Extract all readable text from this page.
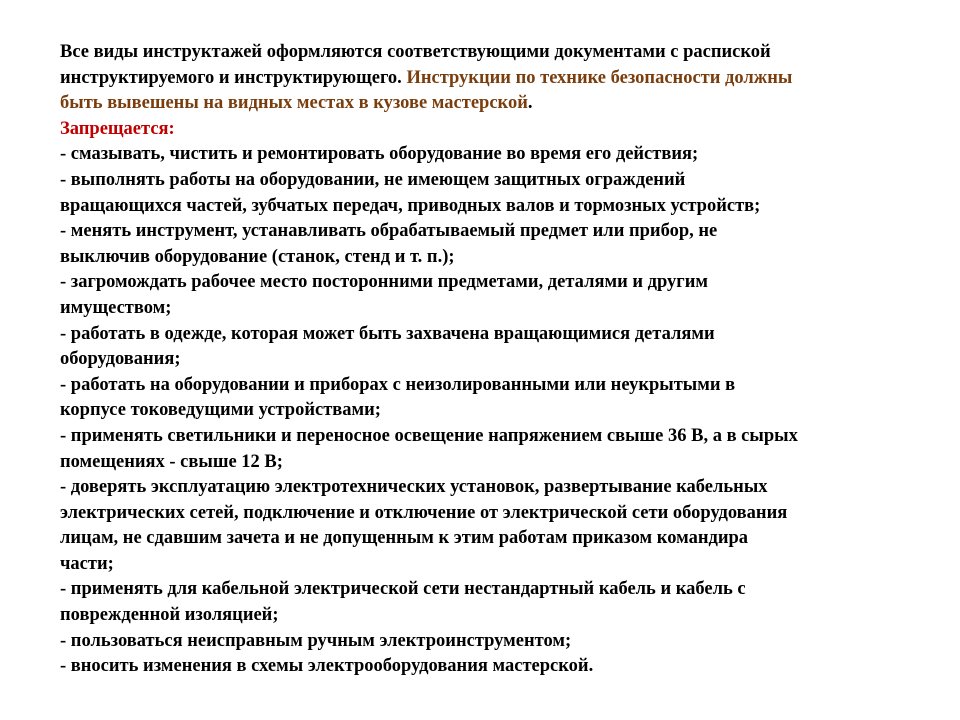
Все виды инструктажей оформляются соответствующими документами с распиской
инструктируемого и инструктирующего. Инструкции по технике безопасности должны
быть вывешены на видных местах в кузове мастерской.
Запрещается:
- смазывать, чистить и ремонтировать оборудование во время его действия;
- выполнять работы на оборудовании, не имеющем защитных ограждений
вращающихся частей, зубчатых передач, приводных валов и тормозных устройств;
- менять инструмент, устанавливать обрабатываемый предмет или прибор, не
выключив оборудование (станок, стенд и т. п.);
- загромождать рабочее место посторонними предметами, деталями и другим
имуществом;
- работать в одежде, которая может быть захвачена вращающимися деталями
оборудования;
- работать на оборудовании и приборах с неизолированными или неукрытыми в
корпусе токоведущими устройствами;
- применять светильники и переносное освещение напряжением свыше 36 В, а в сырых
помещениях - свыше 12 В;
- доверять эксплуатацию электротехнических установок, развертывание кабельных
электрических сетей, подключение и отключение от электрической сети оборудования
лицам, не сдавшим зачета и не допущенным к этим работам приказом командира
части;
- применять для кабельной электрической сети нестандартный кабель и кабель с
поврежденной изоляцией;
- пользоваться неисправным ручным электроинструментом;
- вносить изменения в схемы электрооборудования мастерской.
